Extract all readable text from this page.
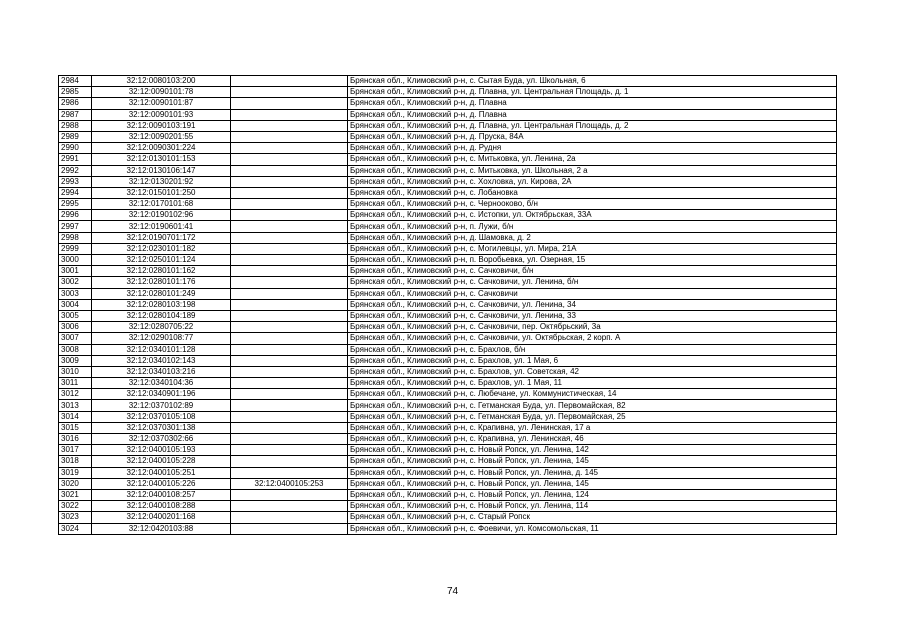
2984	32:12:0080103:200		Брянская обл., Климовский р-н, с. Сытая Буда, ул. Школьная, 6
2985	32:12:0090101:78		Брянская обл., Климовский р-н, д. Плавна, ул. Центральная Площадь, д. 1
2986	32:12:0090101:87		Брянская обл., Климовский р-н, д. Плавна
2987	32:12:0090101:93		Брянская обл., Климовский р-н, д. Плавна
2988	32:12:0090103:191		Брянская обл., Климовский р-н, д. Плавна, ул. Центральная Площадь, д. 2
2989	32:12:0090201:55		Брянская обл., Климовский р-н, д. Пруска, 84А
2990	32:12:0090301:224		Брянская обл., Климовский р-н, д. Рудня
2991	32:12:0130101:153		Брянская обл., Климовский р-н, с. Митьковка, ул. Ленина, 2а
2992	32:12:0130106:147		Брянская обл., Климовский р-н, с. Митьковка, ул. Школьная, 2 а
2993	32:12:0130201:92		Брянская обл., Климовский р-н, с. Хохловка, ул. Кирова, 2А
2994	32:12:0150101:250		Брянская обл., Климовский р-н, с. Лобановка
2995	32:12:0170101:68		Брянская обл., Климовский р-н, с. Чернооково, б/н
2996	32:12:0190102:96		Брянская обл., Климовский р-н, с. Истопки, ул. Октябрьская, 33А
2997	32:12:0190601:41		Брянская обл., Климовский р-н, п. Лужи, б/н
2998	32:12:0190701:172		Брянская обл., Климовский р-н, д. Шамовка, д. 2
2999	32:12:0230101:182		Брянская обл., Климовский р-н, с. Могилевцы, ул. Мира, 21А
3000	32:12:0250101:124		Брянская обл., Климовский р-н, п. Воробьевка, ул. Озерная, 15
3001	32:12:0280101:162		Брянская обл., Климовский р-н, с. Сачковичи, б/н
3002	32:12:0280101:176		Брянская обл., Климовский р-н, с. Сачковичи, ул. Ленина, б/н
3003	32:12:0280101:249		Брянская обл., Климовский р-н, с. Сачковичи
3004	32:12:0280103:198		Брянская обл., Климовский р-н, с. Сачковичи, ул. Ленина, 34
3005	32:12:0280104:189		Брянская обл., Климовский р-н, с. Сачковичи, ул. Ленина, 33
3006	32:12:0280705:22		Брянская обл., Климовский р-н, с. Сачковичи, пер. Октябрьский, 3а
3007	32:12:0290108:77		Брянская обл., Климовский р-н, с. Сачковичи, ул. Октябрьская, 2 корп. А
3008	32:12:0340101:128		Брянская обл., Климовский р-н, с. Брахлов, б/н
3009	32:12:0340102:143		Брянская обл., Климовский р-н, с. Брахлов, ул. 1 Мая, 6
3010	32:12:0340103:216		Брянская обл., Климовский р-н, с. Брахлов, ул. Советская, 42
3011	32:12:0340104:36		Брянская обл., Климовский р-н, с. Брахлов, ул. 1 Мая, 11
3012	32:12:0340901:196		Брянская обл., Климовский р-н, с. Любечане, ул. Коммунистическая, 14
3013	32:12:0370102:89		Брянская обл., Климовский р-н, с. Гетманская Буда, ул. Первомайская, 82
3014	32:12:0370105:108		Брянская обл., Климовский р-н, с. Гетманская Буда, ул. Первомайская, 25
3015	32:12:0370301:138		Брянская обл., Климовский р-н, с. Крапивна, ул. Ленинская, 17 а
3016	32:12:0370302:66		Брянская обл., Климовский р-н, с. Крапивна, ул. Ленинская, 46
3017	32:12:0400105:193		Брянская обл., Климовский р-н, с. Новый Ропск, ул. Ленина, 142
3018	32:12:0400105:228		Брянская обл., Климовский р-н, с. Новый Ропск, ул. Ленина, 145
3019	32:12:0400105:251		Брянская обл., Климовский р-н, с. Новый Ропск, ул. Ленина, д. 145
3020	32:12:0400105:226	32:12:0400105:253	Брянская обл., Климовский р-н, с. Новый Ропск, ул. Ленина, 145
3021	32:12:0400108:257		Брянская обл., Климовский р-н, с. Новый Ропск, ул. Ленина, 124
3022	32:12:0400108:288		Брянская обл., Климовский р-н, с. Новый Ропск, ул. Ленина, 114
3023	32:12:0400201:168		Брянская обл., Климовский р-н, с. Старый Ропск
3024	32:12:0420103:88		Брянская обл., Климовский р-н, с. Фоевичи, ул. Комсомольская, 11
74
